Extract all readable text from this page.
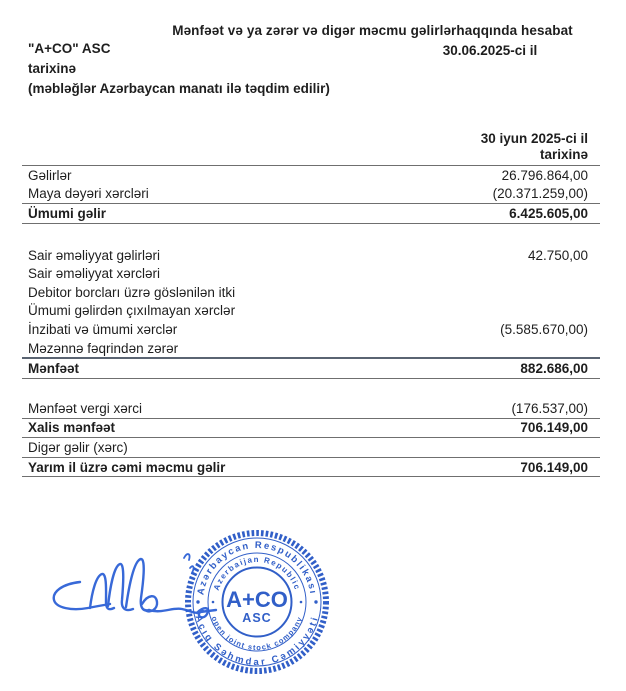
Mənfəət və ya zərər və digər məcmu gəlirlərhaqqında hesabat
30.06.2025-ci il
"A+CO" ASC
tarixinə
(məbləğlər Azərbaycan manatı ilə təqdim edilir)
30 iyun 2025-ci il
tarixinə
Gəlirlər	26.796.864,00
Maya dəyəri xərcləri	(20.371.259,00)
Ümumi gəlir	6.425.605,00
Sair əməliyyat gəlirləri	42.750,00
Sair əməliyyat xərcləri
Debitor borcları üzrə göslənilən itki
Ümumi gəlirdən çıxılmayan xərclər
İnzibati və ümumi xərclər	(5.585.670,00)
Məzənnə fəqrindən zərər
Mənfəət	882.686,00
Mənfəət vergi xərci	(176.537,00)
Xalis mənfəət	706.149,00
Digər gəlir (xərc)
Yarım il üzrə cəmi məcmu gəlir	706.149,00
Azərbaycan Respublikası
Açıq Səhmdar Cəmiyyəti
Azerbaijan Republic
open joint stock company
A+CO
ASC
